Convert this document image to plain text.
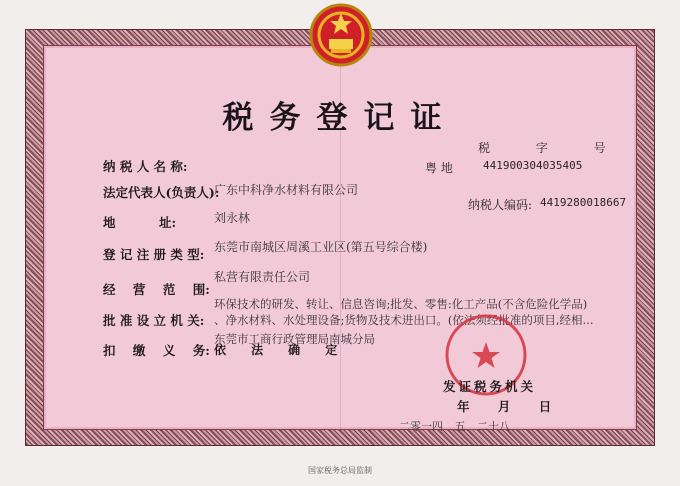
税务登记证
税 字 号
粤 地	441900304035405
纳税人编码: 4419280018667
纳 税 人 名 称:
法定代表人(负责人):
广东中科净水材料有限公司
地          址:	刘永林
登 记 注 册 类 型: 东莞市南城区周溪工业区(第五号综合楼)
经    营    范    围:
私营有限责任公司
批 准 设 立 机 关:
环保技术的研发、转让、信息咨询;批发、零售:化工产品(不含危险化学品)
、净水材料、水处理设备;货物及技术进出口。(依法须经批准的项目,经相...
扣    缴    义    务: 依      法      确      定
东莞市工商行政管理局南城分局
发证税务机关
年 月 日
二零一四 五 二十八
国家税务总局监制
